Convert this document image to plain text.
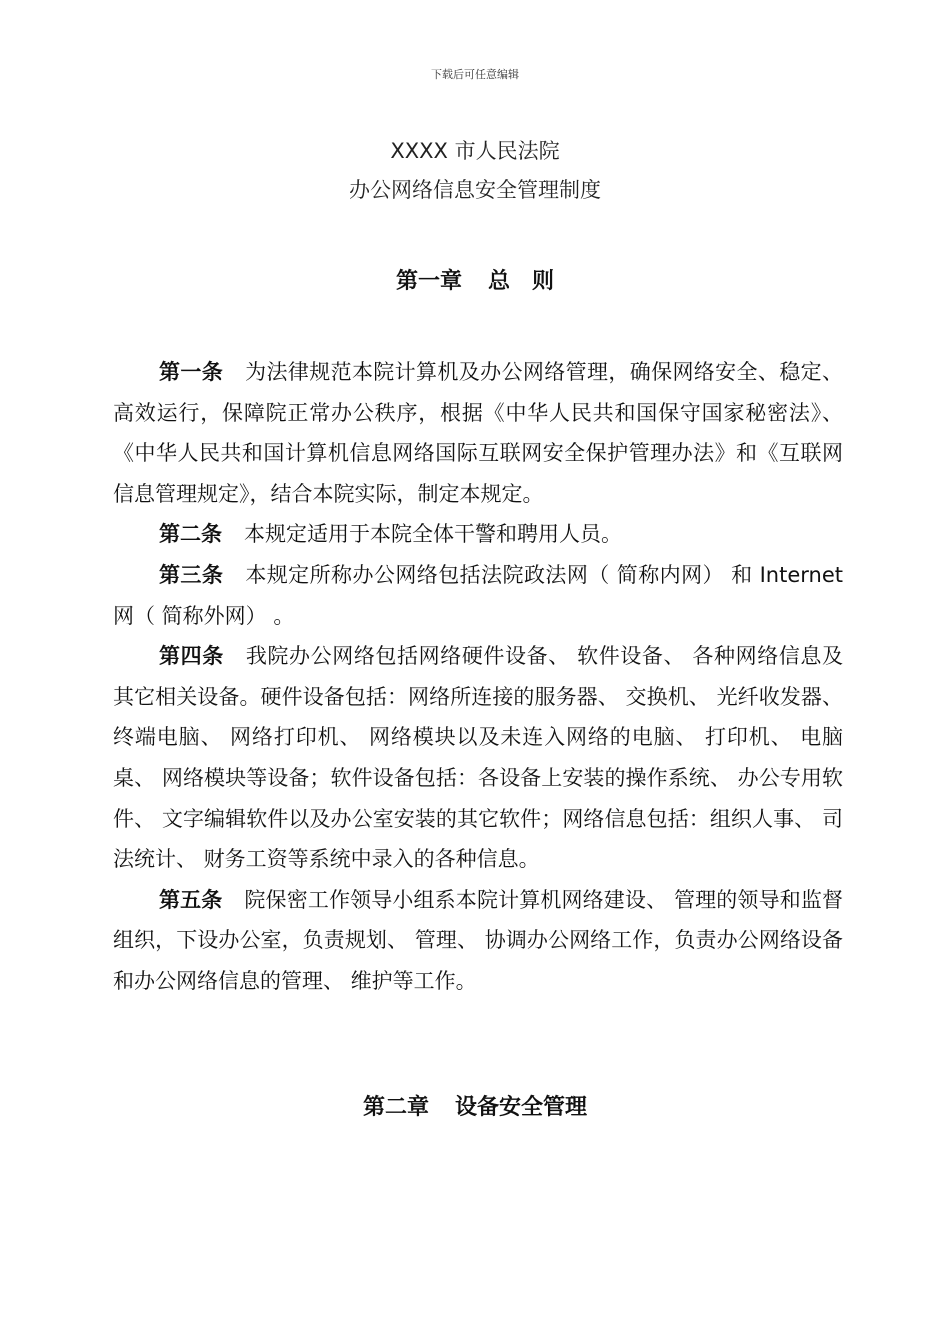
下载后可任意编辑
XXXX 市人民法院
办公网络信息安全管理制度
第一章 总　则

第一条 为法律规范本院计算机及办公网络管理，确保网络安全、稳定、 高效运行，保障院正常办公秩序，根据《中华人民共和国保守国家秘密法》、 《中华人民共和国计算机信息网络国际互联网安全保护管理办法》和《互联网信息管理规定》，结合本院实际，制定本规定。

第二条 本规定适用于本院全体干警和聘用人员。

第三条 本规定所称办公网络包括法院政法网（ 简称内网） 和 Internet 网（ 简称外网） 。

第四条 我院办公网络包括网络硬件设备、 软件设备、 各种网络信息及其它相关设备。硬件设备包括：网络所连接的服务器、 交换机、 光纤收发器、 终端电脑、 网络打印机、 网络模块以及未连入网络的电脑、 打印机、 电脑桌、 网络模块等设备；软件设备包括：各设备上安装的操作系统、 办公专用软件、 文字编辑软件以及办公室安装的其它软件；网络信息包括：组织人事、 司法统计、 财务工资等系统中录入的各种信息。

第五条 院保密工作领导小组系本院计算机网络建设、 管理的领导和监督组织，下设办公室，负责规划、 管理、 协调办公网络工作，负责办公网络设备和办公网络信息的管理、 维护等工作。

第二章 设备安全管理
